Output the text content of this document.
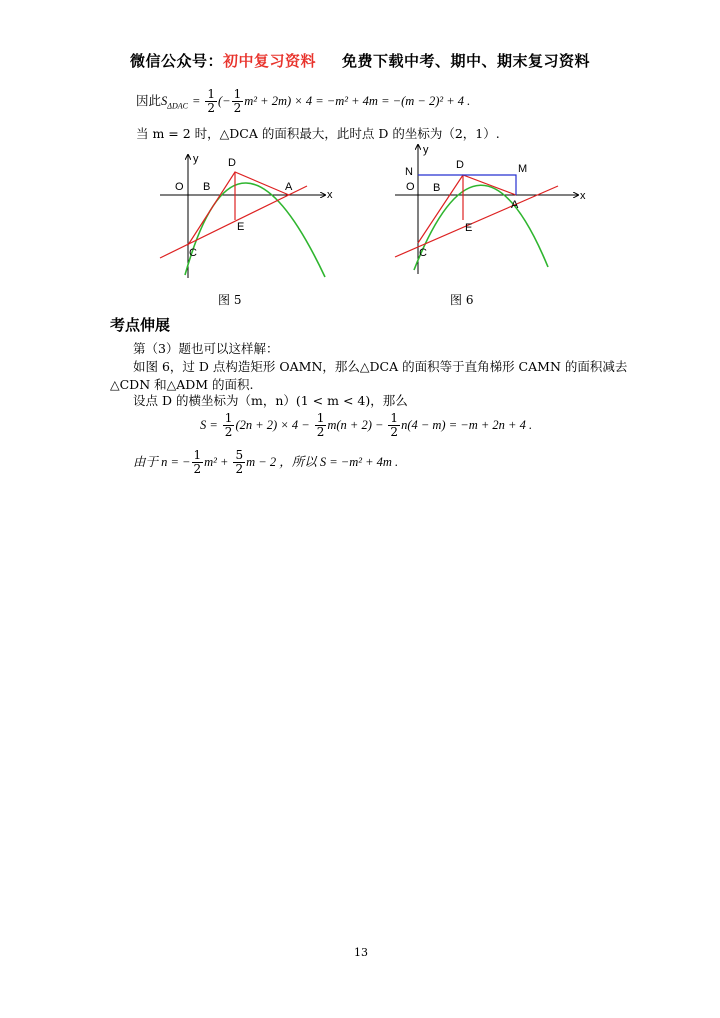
微信公众号：初中复习资料 免费下载中考、期中、期末复习资料
因此$S_{\Delta DAC} = \frac{1}{2}$ (− $\frac{1}{2} m^2 + 2m) \times 4 = -m^2 + 4m = -(m - 2)^2 + 4$ .
当 m = 2 时，△DCA 的面积最大，此时点 D 的坐标为（2，1）.
y
x
O B
D
A
C
E
y
x
O
N
B
D	M
A
C
E
图 5	图 6
考点伸展
第（3）题也可以这样解：
如图 6，过 D 点构造矩形 OAMN，那么△DCA 的面积等于直角梯形 CAMN 的面积减去
△CDN 和△ADM 的面积.
设点 D 的横坐标为（m，n）(1 < m < 4)，那么
$S = \frac{1}{2} (2n + 2) \times 4 - \frac{1}{2} m(n + 2) - \frac{1}{2} n(4 - m) = -m + 2n + 4$ .
由于 n = − $\frac{1}{2} m^2 + \frac{5}{2}$ m − 2 ，所以 S = −m² + 4m .
13
